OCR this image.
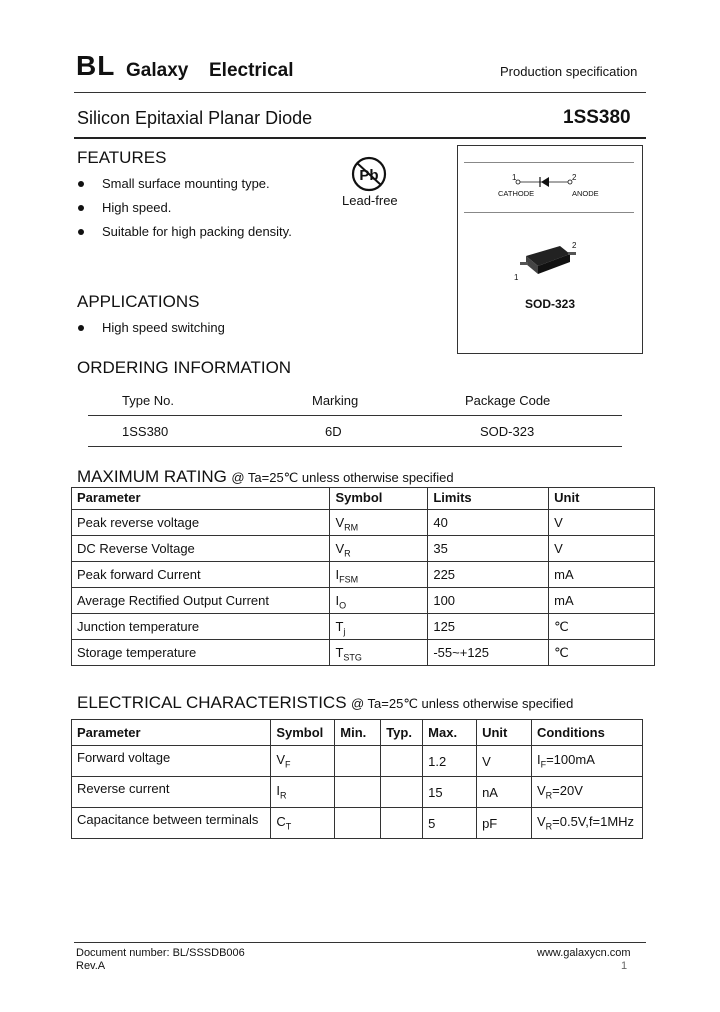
BL Galaxy Electrical	Production specification
Silicon Epitaxial Planar Diode	1SS380
FEATURES
Small surface mounting type.
High speed.
Suitable for high packing density.
Pb
Lead-free
1	2
CATHODE	ANODE
1
2
SOD-323
APPLICATIONS
High speed switching
ORDERING INFORMATION
Type No.	Marking	Package Code
1SS380	6D	SOD-323
MAXIMUM RATING @ Ta=25℃ unless otherwise specified
Parameter	Symbol	Limits	Unit
Peak reverse voltage	$V_{RM}$	40	V
DC Reverse Voltage	$V_R$	35	V
Peak forward Current	$I_{FSM}$	225	mA
Average Rectified Output Current	$I_O$	100	mA
Junction temperature	$T_j$	125	℃
Storage temperature	$T_{STG}$	-55~+125	℃
ELECTRICAL CHARACTERISTICS @ Ta=25℃ unless otherwise specified
Parameter	Symbol	Min.	Typ.	Max.	Unit	Conditions
Forward voltage	$V_F$			1.2	V	$I_F=100mA$
Reverse current	$I_R$			15	nA	$V_R=20V$
Capacitance between terminals	$C_T$			5	pF	$V_R=0.5V,f=1MHz$
Document number: BL/SSSDB006
Rev.A
www.galaxycn.com
1
